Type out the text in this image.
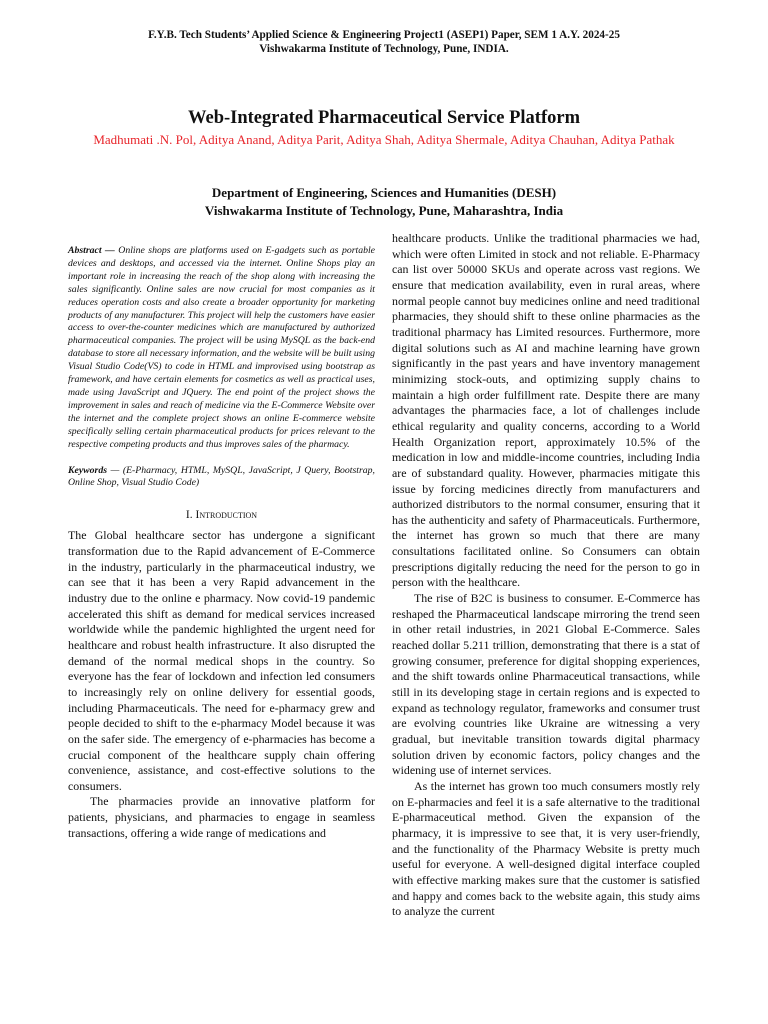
F.Y.B. Tech Students’ Applied Science & Engineering Project1 (ASEP1) Paper, SEM 1 A.Y. 2024-25
Vishwakarma Institute of Technology, Pune, INDIA.
Web-Integrated Pharmaceutical Service Platform
Madhumati .N. Pol, Aditya Anand, Aditya Parit, Aditya Shah, Aditya Shermale, Aditya Chauhan, Aditya Pathak
Department of Engineering, Sciences and Humanities (DESH)
Vishwakarma Institute of Technology, Pune, Maharashtra, India

Abstract — Online shops are platforms used on E-gadgets such as portable devices and desktops, and accessed via the internet. Online Shops play an important role in increasing the reach of the shop along with increasing the sales significantly. Online sales are now crucial for most companies as it reduces operation costs and also create a broader opportunity for marketing products of any manufacturer. This project will help the customers have easier access to over-the-counter medicines which are manufactured by authorized pharmaceutical companies. The project will be using MySQL as the back-end database to store all necessary information, and the website will be built using Visual Studio Code(VS) to code in HTML and improvised using bootstrap as framework, and have certain elements for cosmetics as well as practical uses, made using JavaScript and JQuery. The end point of the project shows the improvement in sales and reach of medicine via the E-Commerce Website over the internet and the complete project shows an online E-commerce website specifically selling certain pharmaceutical products for prices relevant to the respective competing products and thus improves sales of the pharmacy.

Keywords — (E-Pharmacy, HTML, MySQL, JavaScript, J Query, Bootstrap, Online Shop, Visual Studio Code)

I. Introduction

The Global healthcare sector has undergone a significant transformation due to the Rapid advancement of E-Commerce in the industry, particularly in the pharmaceutical industry, we can see that it has been a very Rapid advancement in the industry due to the online e pharmacy. Now covid-19 pandemic accelerated this shift as demand for medical services increased worldwide while the pandemic highlighted the urgent need for healthcare and robust health infrastructure. It also disrupted the demand of the normal medical shops in the country. So everyone has the fear of lockdown and infection led consumers to increasingly rely on online delivery for essential goods, including Pharmaceuticals. The need for e-pharmacy grew and people decided to shift to the e-pharmacy Model because it was on the safer side. The emergency of e-pharmacies has become a crucial component of the healthcare supply chain offering convenience, assistance, and cost-effective solutions to the consumers.

The pharmacies provide an innovative platform for patients, physicians, and pharmacies to engage in seamless transactions, offering a wide range of medications and

healthcare products. Unlike the traditional pharmacies we had, which were often Limited in stock and not reliable. E-Pharmacy can list over 50000 SKUs and operate across vast regions. We ensure that medication availability, even in rural areas, where normal people cannot buy medicines online and need traditional pharmacies, they should shift to these online pharmacies as the traditional pharmacy has Limited resources. Furthermore, more digital solutions such as AI and machine learning have grown significantly in the past years and have inventory management minimizing stock-outs, and optimizing supply chains to maintain a high order fulfillment rate. Despite there are many advantages the pharmacies face, a lot of challenges include ethical regularity and quality concerns, according to a World Health Organization report, approximately 10.5% of the medication in low and middle-income countries, including India are of substandard quality. However, pharmacies mitigate this issue by forcing medicines directly from manufacturers and authorized distributors to the normal consumer, ensuring that it has the authenticity and safety of Pharmaceuticals. Furthermore, the internet has grown so much that there are many consultations facilitated online. So Consumers can obtain prescriptions digitally reducing the need for the person to go in person with the healthcare.

The rise of B2C is business to consumer. E-Commerce has reshaped the Pharmaceutical landscape mirroring the trend seen in other retail industries, in 2021 Global E-Commerce. Sales reached dollar 5.211 trillion, demonstrating that there is a stat of growing consumer, preference for digital shopping experiences, and the shift towards online Pharmaceutical transactions, while still in its developing stage in certain regions and is expected to expand as technology regulator, frameworks and consumer trust are evolving countries like Ukraine are witnessing a very gradual, but inevitable transition towards digital pharmacy solution driven by economic factors, policy changes and the widening use of internet services.

As the internet has grown too much consumers mostly rely on E-pharmacies and feel it is a safe alternative to the traditional E-pharmaceutical method. Given the expansion of the pharmacy, it is impressive to see that, it is very user-friendly, and the functionality of the Pharmacy Website is pretty much useful for everyone. A well-designed digital interface coupled with effective marking makes sure that the customer is satisfied and happy and comes back to the website again, this study aims to analyze the current
